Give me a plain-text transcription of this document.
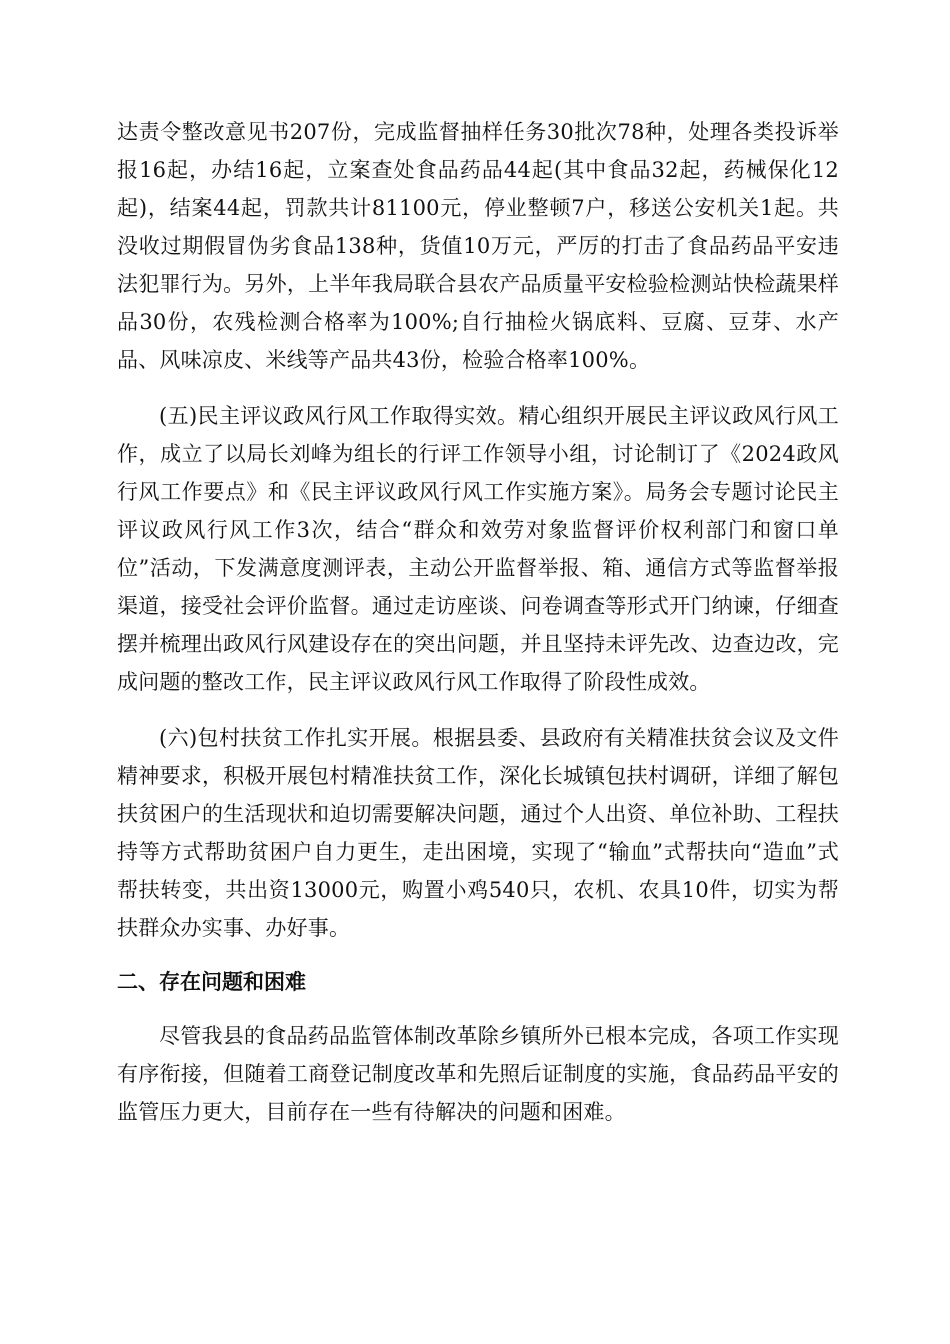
达责令整改意见书207份，完成监督抽样任务30批次78种，处理各类投诉举报16起，办结16起，立案查处食品药品44起(其中食品32起，药械保化12起)，结案44起，罚款共计81100元，停业整顿7户，移送公安机关1起。共没收过期假冒伪劣食品138种，货值10万元，严厉的打击了食品药品平安违法犯罪行为。另外，上半年我局联合县农产品质量平安检验检测站快检蔬果样品30份，农残检测合格率为100%;自行抽检火锅底料、豆腐、豆芽、水产品、风味凉皮、米线等产品共43份，检验合格率100%。

(五)民主评议政风行风工作取得实效。精心组织开展民主评议政风行风工作，成立了以局长刘峰为组长的行评工作领导小组，讨论制订了《2024政风行风工作要点》和《民主评议政风行风工作实施方案》。局务会专题讨论民主评议政风行风工作3次，结合“群众和效劳对象监督评价权利部门和窗口单位”活动，下发满意度测评表，主动公开监督举报、箱、通信方式等监督举报渠道，接受社会评价监督。通过走访座谈、问卷调查等形式开门纳谏，仔细查摆并梳理出政风行风建设存在的突出问题，并且坚持未评先改、边查边改，完成问题的整改工作，民主评议政风行风工作取得了阶段性成效。

(六)包村扶贫工作扎实开展。根据县委、县政府有关精准扶贫会议及文件精神要求，积极开展包村精准扶贫工作，深化长城镇包扶村调研，详细了解包扶贫困户的生活现状和迫切需要解决问题，通过个人出资、单位补助、工程扶持等方式帮助贫困户自力更生，走出困境，实现了“输血”式帮扶向“造血”式帮扶转变，共出资13000元，购置小鸡540只，农机、农具10件，切实为帮扶群众办实事、办好事。

二、存在问题和困难

尽管我县的食品药品监管体制改革除乡镇所外已根本完成，各项工作实现有序衔接，但随着工商登记制度改革和先照后证制度的实施，食品药品平安的监管压力更大，目前存在一些有待解决的问题和困难。
